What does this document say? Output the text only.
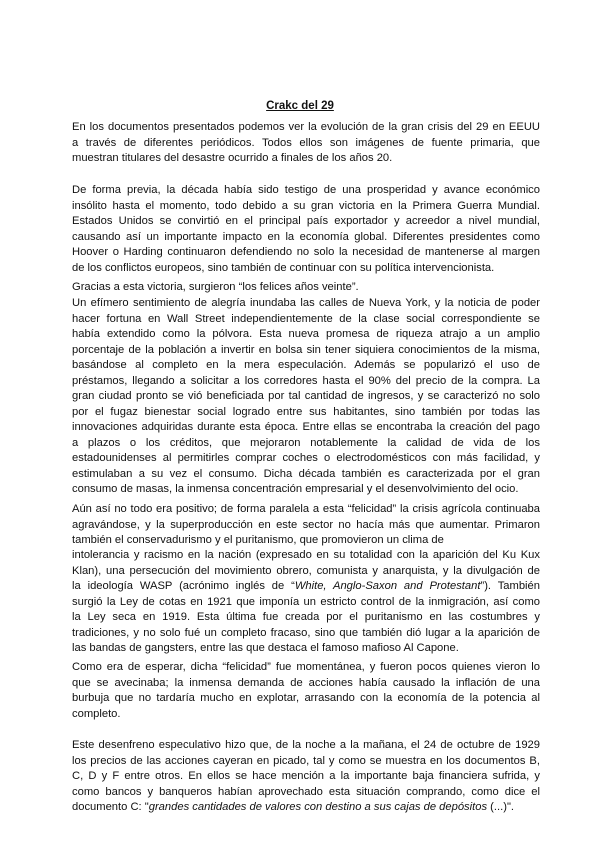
Crakc del 29
En los documentos presentados podemos ver la evolución de la gran crisis del 29 en EEUU
a través de diferentes periódicos. Todos ellos son imágenes de fuente primaria, que
muestran titulares del desastre ocurrido a finales de los años 20.
De forma previa, la década había sido testigo de una prosperidad y avance económico
insólito hasta el momento, todo debido a su gran victoria en la Primera Guerra Mundial.
Estados Unidos se convirtió en el principal país exportador y acreedor a nivel mundial,
causando así un importante impacto en la economía global. Diferentes presidentes como
Hoover o Harding continuaron defendiendo no solo la necesidad de mantenerse al margen
de los conflictos europeos, sino también de continuar con su política intervencionista.
Gracias a esta victoria, surgieron “los felices años veinte”.
Un efímero sentimiento de alegría inundaba las calles de Nueva York, y la noticia de poder
hacer fortuna en Wall Street independientemente de la clase social correspondiente se
había extendido como la pólvora. Esta nueva promesa de riqueza atrajo a un amplio
porcentaje de la población a invertir en bolsa sin tener siquiera conocimientos de la misma,
basándose al completo en la mera especulación. Además se popularizó el uso de
préstamos, llegando a solicitar a los corredores hasta el 90% del precio de la compra. La
gran ciudad pronto se vió beneficiada por tal cantidad de ingresos, y se caracterizó no solo
por el fugaz bienestar social logrado entre sus habitantes, sino también por todas las
innovaciones adquiridas durante esta época. Entre ellas se encontraba la creación del pago
a plazos o los créditos, que mejoraron notablemente la calidad de vida de los
estadounidenses al permitirles comprar coches o electrodomésticos con más facilidad, y
estimulaban a su vez el consumo. Dicha década también es caracterizada por el gran
consumo de masas, la inmensa concentración empresarial y el desenvolvimiento del ocio.
Aún así no todo era positivo; de forma paralela a esta “felicidad” la crisis agrícola continuaba
agravándose, y la superproducción en este sector no hacía más que aumentar. Primaron
también el conservadurismo y el puritanismo, que promovieron un clima de
intolerancia y racismo en la nación (expresado en su totalidad con la aparición del Ku Kux
Klan), una persecución del movimiento obrero, comunista y anarquista, y la divulgación de
la ideología WASP (acrónimo inglés de “White, Anglo-Saxon and Protestant”). También
surgió la Ley de cotas en 1921 que imponía un estricto control de la inmigración, así como
la Ley seca en 1919. Esta última fue creada por el puritanismo en las costumbres y
tradiciones, y no solo fué un completo fracaso, sino que también dió lugar a la aparición de
las bandas de gangsters, entre las que destaca el famoso mafioso Al Capone.
Como era de esperar, dicha “felicidad” fue momentánea, y fueron pocos quienes vieron lo
que se avecinaba; la inmensa demanda de acciones había causado la inflación de una
burbuja que no tardaría mucho en explotar, arrasando con la economía de la potencia al
completo.
Este desenfreno especulativo hizo que, de la noche a la mañana, el 24 de octubre de 1929
los precios de las acciones cayeran en picado, tal y como se muestra en los documentos B,
C, D y F entre otros. En ellos se hace mención a la importante baja financiera sufrida, y
como bancos y banqueros habían aprovechado esta situación comprando, como dice el
documento C: "grandes cantidades de valores con destino a sus cajas de depósitos (...)".
